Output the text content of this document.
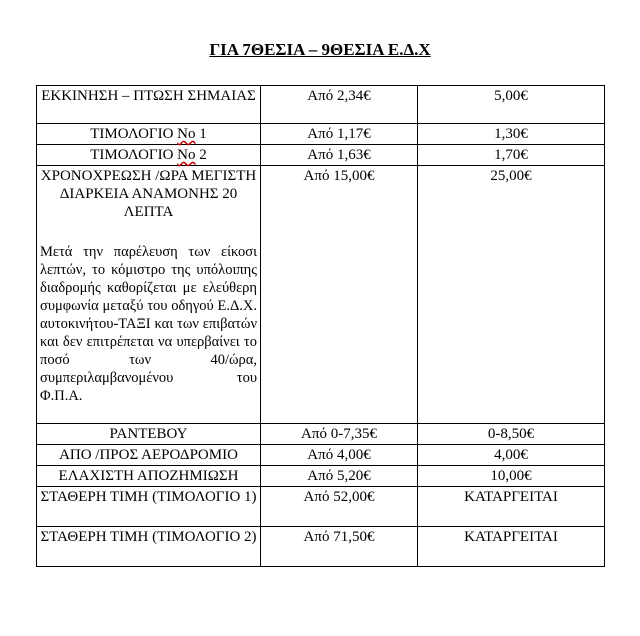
ΓΙΑ 7ΘΕΣΙΑ – 9ΘΕΣΙΑ Ε.Δ.Χ
ΕΚΚΙΝΗΣΗ – ΠΤΩΣΗ ΣΗΜΑΙΑΣ	Από 2,34€	5,00€
ΤΙΜΟΛΟΓΙΟ Νο 1	Από 1,17€	1,30€
ΤΙΜΟΛΟΓΙΟ Νο 2	Από 1,63€	1,70€

ΧΡΟΝΟΧΡΕΩΣΗ /ΩΡΑ ΜΕΓΙΣΤΗ ΔΙΑΡΚΕΙΑ ΑΝΑΜΟΝΗΣ 20 ΛΕΠΤΑ
Μετά την παρέλευση των είκοσι λεπτών, το κόμιστρο της υπόλοιπης διαδρομής καθορίζεται με ελεύθερη συμφωνία μεταξύ του οδηγού Ε.Δ.Χ. αυτοκινήτου-ΤΑΞΙ και των επιβατών και δεν επιτρέπεται να υπερβαίνει το ποσό των 40/ώρα, συμπεριλαμβανομένου του
Φ.Π.Α.	Από 15,00€	25,00€
ΡΑΝΤΕΒΟΥ	Από 0-7,35€	0-8,50€
ΑΠΟ /ΠΡΟΣ ΑΕΡΟΔΡΟΜΙΟ	Από 4,00€	4,00€
ΕΛΑΧΙΣΤΗ ΑΠΟΖΗΜΙΩΣΗ	Από 5,20€	10,00€
ΣΤΑΘΕΡΗ ΤΙΜΗ (ΤΙΜΟΛΟΓΙΟ 1)	Από 52,00€	ΚΑΤΑΡΓΕΙΤΑΙ
ΣΤΑΘΕΡΗ ΤΙΜΗ (ΤΙΜΟΛΟΓΙΟ 2)	Από 71,50€	ΚΑΤΑΡΓΕΙΤΑΙ
